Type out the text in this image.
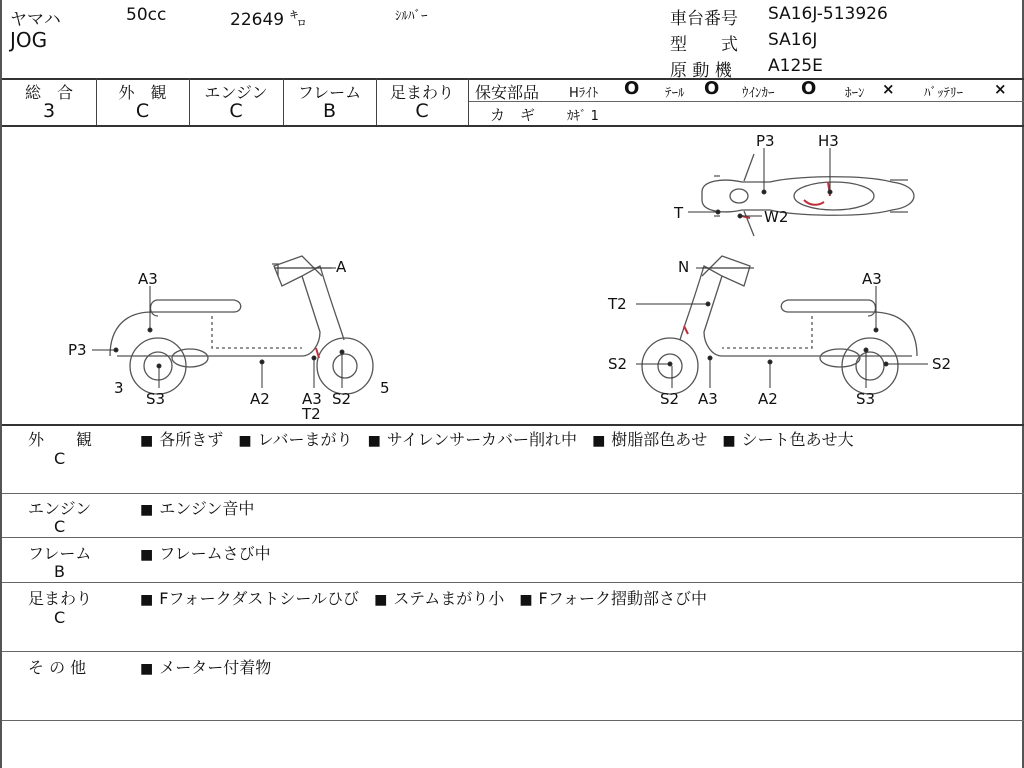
ヤマハ	50cc	22649 ㌔	ｼﾙﾊﾞｰ
JOG
車台番号 SA16J-513926
型　　式 SA16J
原 動 機 A125E
総　合
3
外　観
C
エンジン
C
フレーム
B
足まわり
C
保安部品 Hﾗｲﾄ O ﾃｰﾙ O ｳｲﾝｶｰ O ﾎｰﾝ × ﾊﾞｯﾃﾘｰ ×
カ　ギ ｶｷﾞ 1
P3	H3
T	W2
A
A3
P3
3
S3	A2 A3
T2
S2
5
N
A3
T2
S2
S2 A3	A2	S3
S2
外　　観
C
■ 各所きず ■ レバーまがり ■ サイレンサーカバー削れ中 ■ 樹脂部色あせ ■ シート色あせ大
エンジン
C
■ エンジン音中
フレーム
B
■ フレームさび中
足まわり
C
■ Fフォークダストシールひび ■ ステムまがり小 ■ Fフォーク摺動部さび中
そ の 他	■ メーター付着物
